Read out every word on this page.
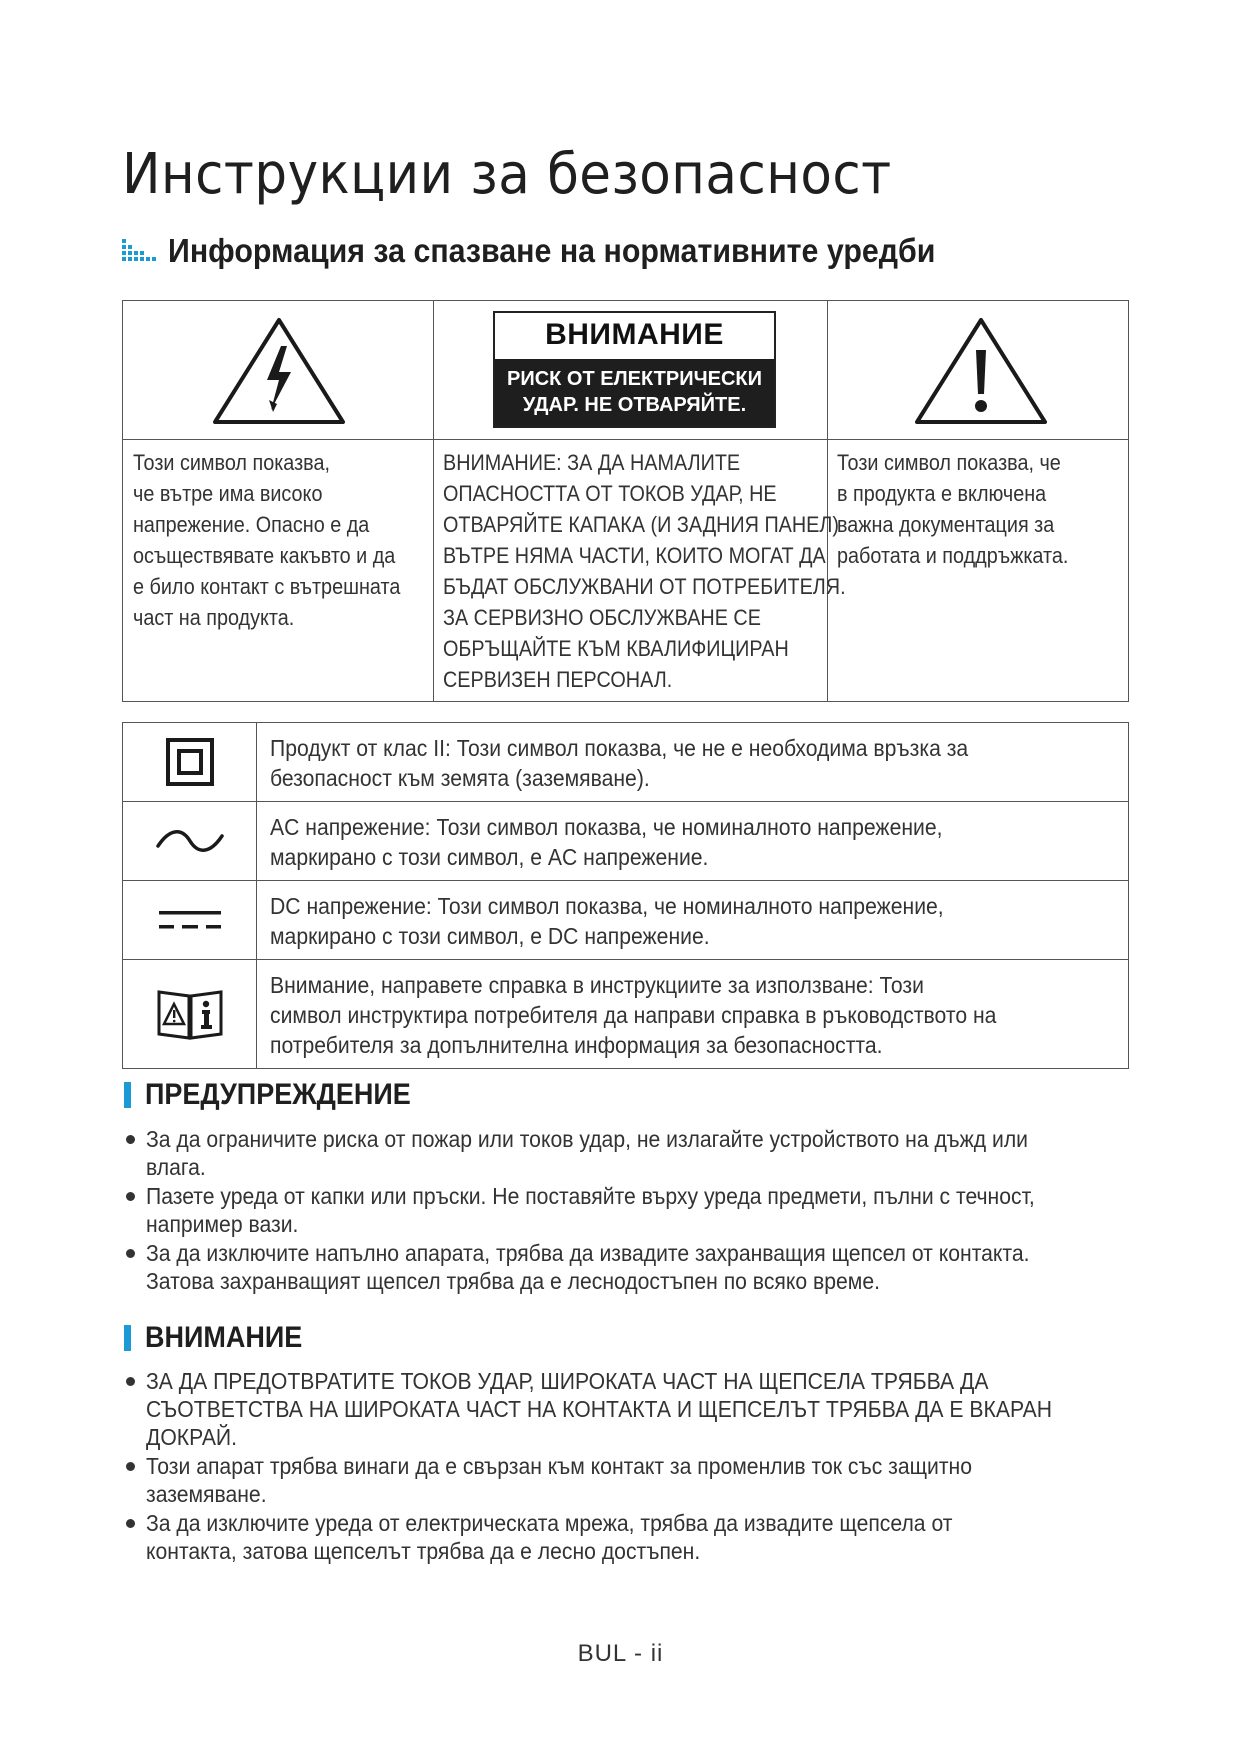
Инструкции за безопасност
Информация за спазване на нормативните уредби
ВНИМАНИЕ
РИСК ОТ ЕЛЕКТРИЧЕСКИ
УДАР. НЕ ОТВАРЯЙТЕ.
Този символ показва,
че вътре има високо
напрежение. Опасно е да
осъществявате какъвто и да
е било контакт с вътрешната
част на продукта.
ВНИМАНИЕ: ЗА ДА НАМАЛИТЕ
ОПАСНОСТТА ОТ ТОКОВ УДАР, НЕ
ОТВАРЯЙТЕ КАПАКА (И ЗАДНИЯ ПАНЕЛ)
ВЪТРЕ НЯМА ЧАСТИ, КОИТО МОГАТ ДА
БЪДАТ ОБСЛУЖВАНИ ОТ ПОТРЕБИТЕЛЯ.
ЗА СЕРВИЗНО ОБСЛУЖВАНЕ СЕ
ОБРЪЩАЙТЕ КЪМ КВАЛИФИЦИРАН
СЕРВИЗЕН ПЕРСОНАЛ.
Този символ показва, че
в продукта е включена
важна документация за
работата и поддръжката.
Продукт от клас II: Този символ показва, че не е необходима връзка за
безопасност към земята (заземяване).
AC напрежение: Този символ показва, че номиналното напрежение,
маркирано с този символ, е AC напрежение.
DC напрежение: Този символ показва, че номиналното напрежение,
маркирано с този символ, е DC напрежение.
Внимание, направете справка в инструкциите за използване: Този
символ инструктира потребителя да направи справка в ръководството на
потребителя за допълнителна информация за безопасността.
ПРЕДУПРЕЖДЕНИЕ
За да ограничите риска от пожар или токов удар, не излагайте устройството на дъжд или
влага.
Пазете уреда от капки или пръски. Не поставяйте върху уреда предмети, пълни с течност,
например вази.
За да изключите напълно апарата, трябва да извадите захранващия щепсел от контакта.
Затова захранващият щепсел трябва да е леснодостъпен по всяко време.
ВНИМАНИЕ
ЗА ДА ПРЕДОТВРАТИТЕ ТОКОВ УДАР, ШИРОКАТА ЧАСТ НА ЩЕПСЕЛА ТРЯБВА ДА
СЪОТВЕТСТВА НА ШИРОКАТА ЧАСТ НА КОНТАКТА И ЩЕПСЕЛЪТ ТРЯБВА ДА Е ВКАРАН
ДОКРАЙ.
Този апарат трябва винаги да е свързан към контакт за променлив ток със защитно
заземяване.
За да изключите уреда от електрическата мрежа, трябва да извадите щепсела от
контакта, затова щепселът трябва да е лесно достъпен.
BUL - ii
